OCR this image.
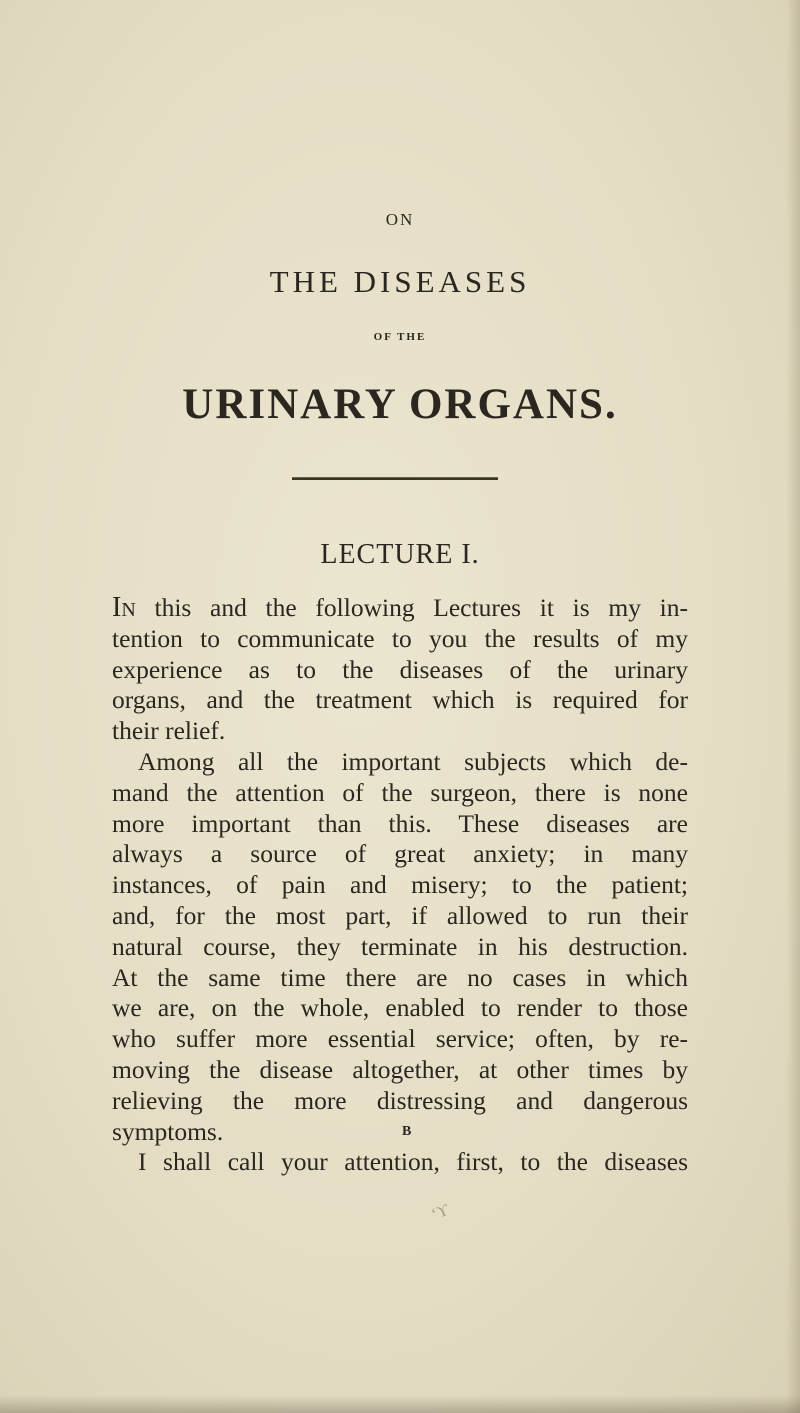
ON

THE DISEASES

OF THE

URINARY ORGANS.

LECTURE I.

In this and the following Lectures it is my in-
tention to communicate to you the results of my
experience as to the diseases of the urinary
organs, and the treatment which is required for
their relief.
Among all the important subjects which de-
mand the attention of the surgeon, there is none
more important than this. These diseases are
always a source of great anxiety; in many
instances, of pain and misery; to the patient;
and, for the most part, if allowed to run their
natural course, they terminate in his destruction.
At the same time there are no cases in which
we are, on the whole, enabled to render to those
who suffer more essential service; often, by re-
moving the disease altogether, at other times by
relieving the more distressing and dangerous
symptoms.
I shall call your attention, first, to the diseases

B

‘ϒ
